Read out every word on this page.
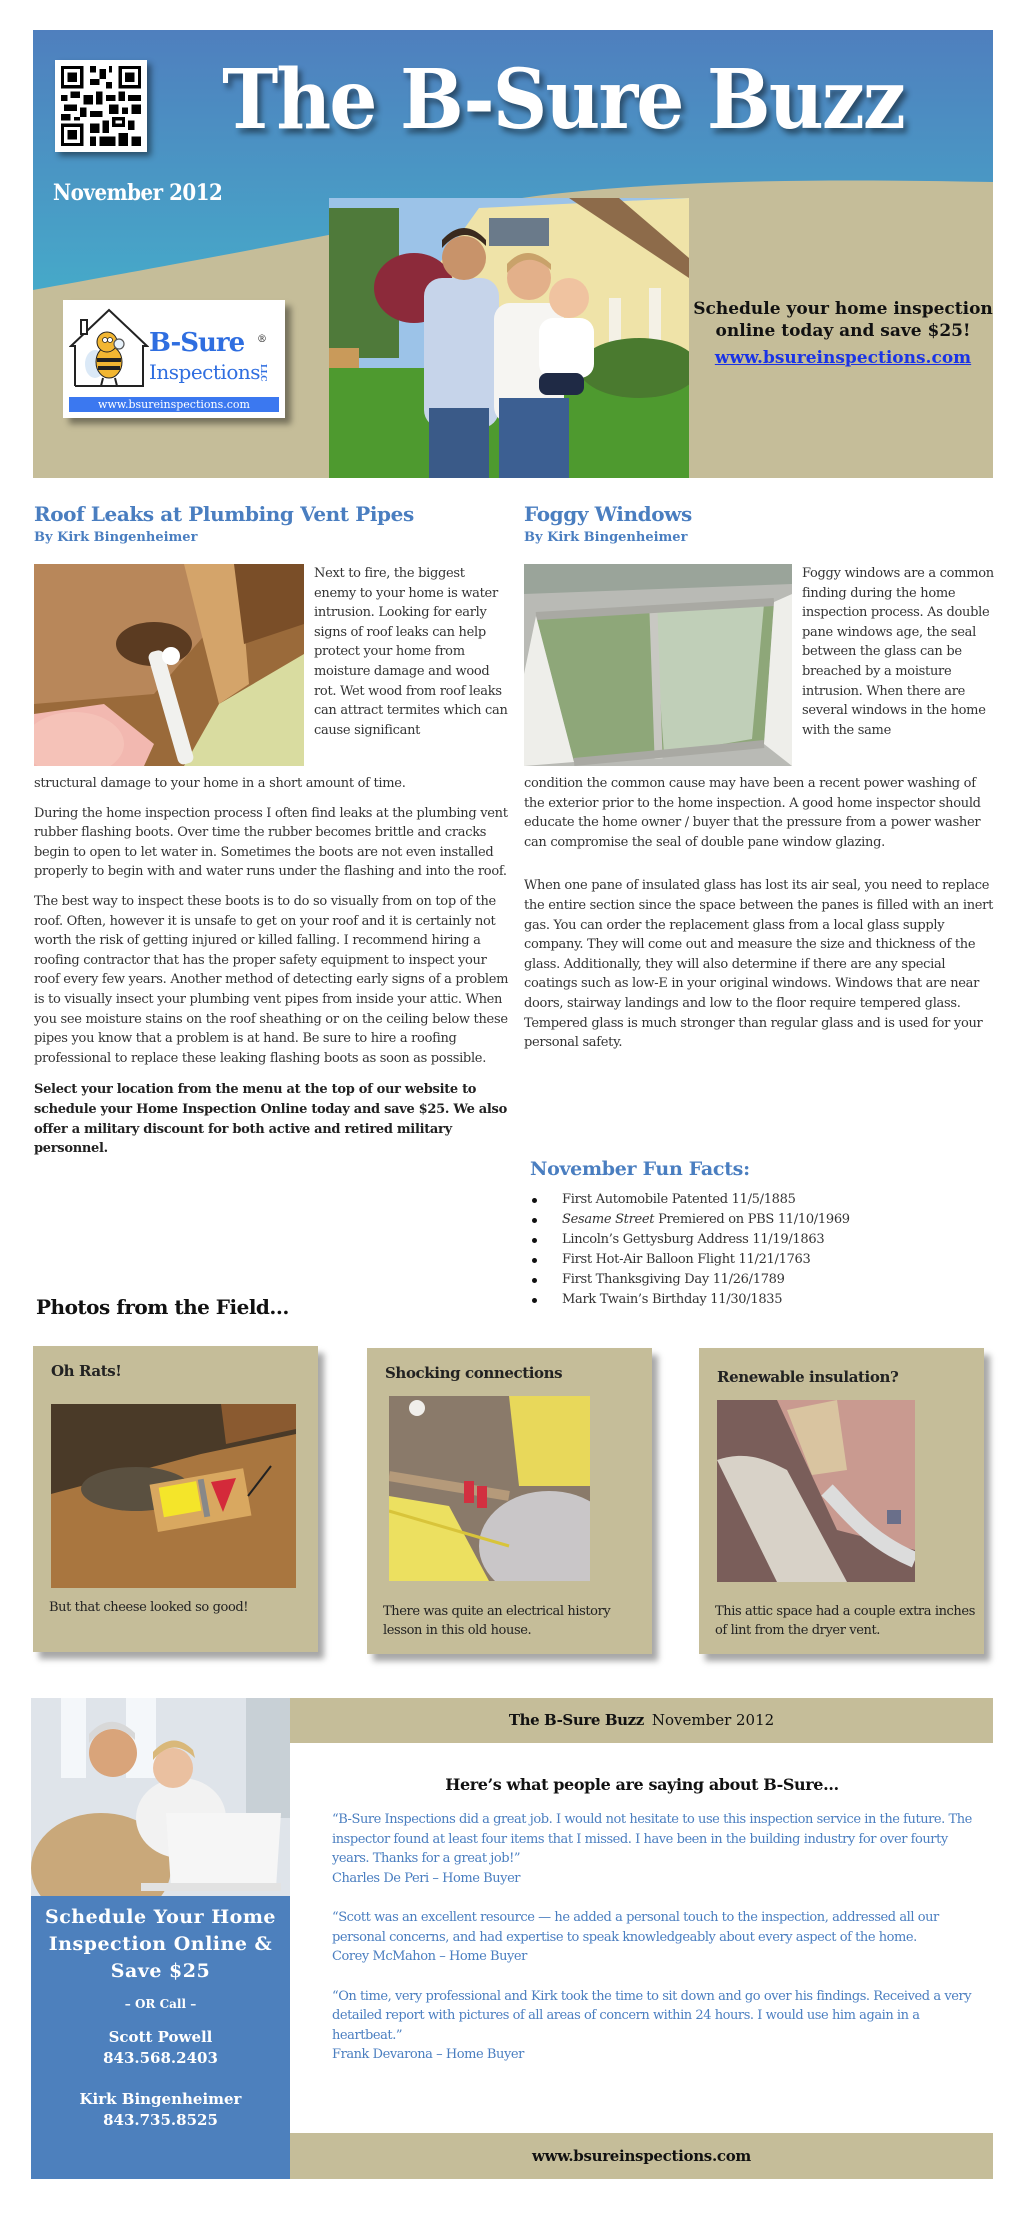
The B-Sure Buzz
November 2012
B-Sure ®
Inspections
LLC
www.bsureinspections.com
Schedule your home inspection online today and save $25!
www.bsureinspections.com
Roof Leaks at Plumbing Vent Pipes
By Kirk Bingenheimer
Next to fire, the biggest enemy to your home is water intrusion. Looking for early signs of roof leaks can help protect your home from moisture damage and wood rot. Wet wood from roof leaks can attract termites which can cause significant

structural damage to your home in a short amount of time.

During the home inspection process I often find leaks at the plumbing vent rubber flashing boots. Over time the rubber becomes brittle and cracks begin to open to let water in. Sometimes the boots are not even installed properly to begin with and water runs under the flashing and into the roof.

The best way to inspect these boots is to do so visually from on top of the roof. Often, however it is unsafe to get on your roof and it is certainly not worth the risk of getting injured or killed falling. I recommend hiring a roofing contractor that has the proper safety equipment to inspect your roof every few years. Another method of detecting early signs of a problem is to visually insect your plumbing vent pipes from inside your attic. When you see moisture stains on the roof sheathing or on the ceiling below these pipes you know that a problem is at hand. Be sure to hire a roofing professional to replace these leaking flashing boots as soon as possible.

Select your location from the menu at the top of our website to schedule your Home Inspection Online today and save $25. We also offer a military discount for both active and retired military personnel.

Foggy Windows
By Kirk Bingenheimer
Foggy windows are a common finding during the home inspection process. As double pane windows age, the seal between the glass can be breached by a moisture intrusion. When there are several windows in the home with the same

condition the common cause may have been a recent power washing of the exterior prior to the home inspection. A good home inspector should educate the home owner / buyer that the pressure from a power washer can compromise the seal of double pane window glazing.

When one pane of insulated glass has lost its air seal, you need to replace the entire section since the space between the panes is filled with an inert gas. You can order the replacement glass from a local glass supply company. They will come out and measure the size and thickness of the glass. Additionally, they will also determine if there are any special coatings such as low-E in your original windows. Windows that are near doors, stairway landings and low to the floor require tempered glass. Tempered glass is much stronger than regular glass and is used for your personal safety.

November Fun Facts:
First Automobile Patented 11/5/1885
Sesame Street Premiered on PBS 11/10/1969
Lincoln’s Gettysburg Address 11/19/1863
First Hot-Air Balloon Flight 11/21/1763
First Thanksgiving Day 11/26/1789
Mark Twain’s Birthday 11/30/1835
Photos from the Field…
Oh Rats!
But that cheese looked so good!
Shocking connections
There was quite an electrical history lesson in this old house.
Renewable insulation?
This attic space had a couple extra inches of lint from the dryer vent.
Schedule Your Home Inspection Online & Save $25
– OR Call –
Scott Powell
843.568.2403
Kirk Bingenheimer
843.735.8525
The B-Sure Buzz November 2012
Here’s what people are saying about B-Sure…
“B-Sure Inspections did a great job. I would not hesitate to use this inspection service in the future. The inspector found at least four items that I missed. I have been in the building industry for over fourty years. Thanks for a great job!”
Charles De Peri – Home Buyer
“Scott was an excellent resource — he added a personal touch to the inspection, addressed all our personal concerns, and had expertise to speak knowledgeably about every aspect of the home.
Corey McMahon – Home Buyer
“On time, very professional and Kirk took the time to sit down and go over his findings. Received a very detailed report with pictures of all areas of concern within 24 hours. I would use him again in a heartbeat.”
Frank Devarona – Home Buyer
www.bsureinspections.com
